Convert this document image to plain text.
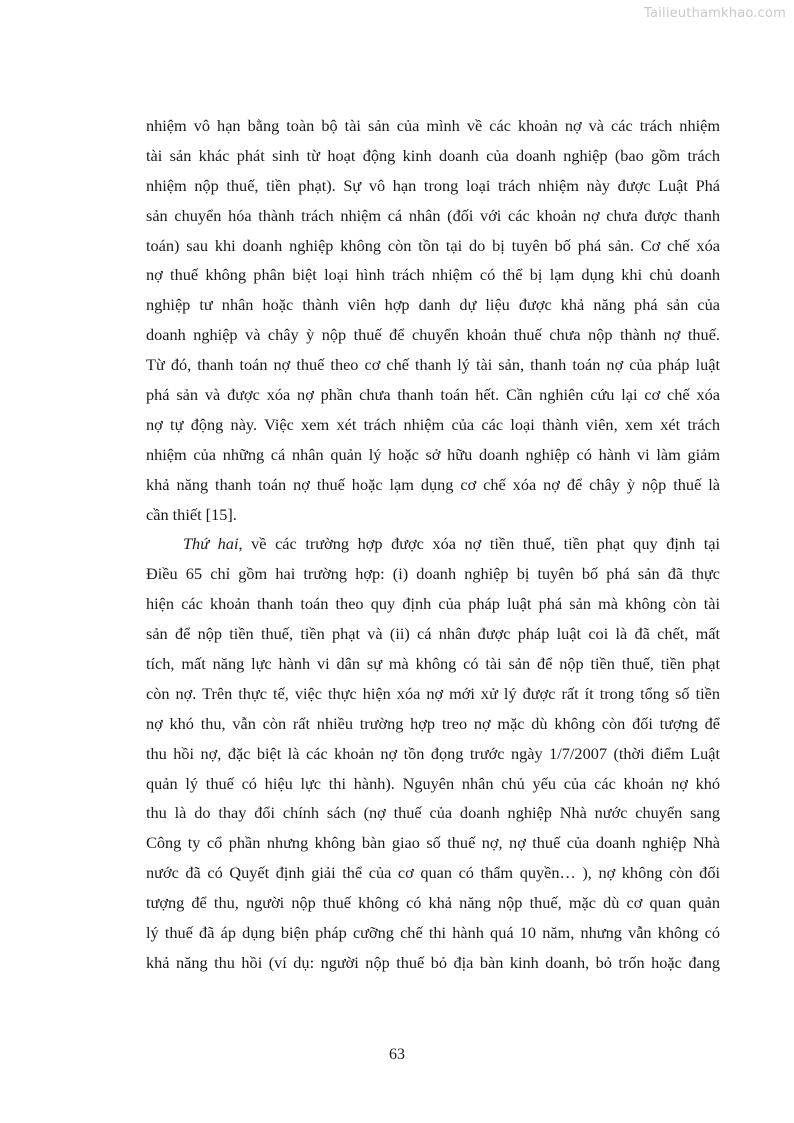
Tailieuthamkhao.com
nhiệm vô hạn bằng toàn bộ tài sản của mình về các khoản nợ và các trách nhiệm
tài sản khác phát sinh từ hoạt động kinh doanh của doanh nghiệp (bao gồm trách
nhiệm nộp thuế, tiền phạt). Sự vô hạn trong loại trách nhiệm này được Luật Phá
sản chuyển hóa thành trách nhiệm cá nhân (đối với các khoản nợ chưa được thanh
toán) sau khi doanh nghiệp không còn tồn tại do bị tuyên bố phá sản. Cơ chế xóa
nợ thuế không phân biệt loại hình trách nhiệm có thể bị lạm dụng khi chủ doanh
nghiệp tư nhân hoặc thành viên hợp danh dự liệu được khả năng phá sản của
doanh nghiệp và chây ỳ nộp thuế để chuyển khoản thuế chưa nộp thành nợ thuế.
Từ đó, thanh toán nợ thuế theo cơ chế thanh lý tài sản, thanh toán nợ của pháp luật
phá sản và được xóa nợ phần chưa thanh toán hết. Cần nghiên cứu lại cơ chế xóa
nợ tự động này. Việc xem xét trách nhiệm của các loại thành viên, xem xét trách
nhiệm của những cá nhân quản lý hoặc sở hữu doanh nghiệp có hành vi làm giảm
khả năng thanh toán nợ thuế hoặc lạm dụng cơ chế xóa nợ để chây ỳ nộp thuế là
cần thiết [15].
Thứ hai, về các trường hợp được xóa nợ tiền thuế, tiền phạt quy định tại
Điều 65 chỉ gồm hai trường hợp: (i) doanh nghiệp bị tuyên bố phá sản đã thực
hiện các khoản thanh toán theo quy định của pháp luật phá sản mà không còn tài
sản để nộp tiền thuế, tiền phạt và (ii) cá nhân được pháp luật coi là đã chết, mất
tích, mất năng lực hành vi dân sự mà không có tài sản để nộp tiền thuế, tiền phạt
còn nợ. Trên thực tế, việc thực hiện xóa nợ mới xử lý được rất ít trong tổng số tiền
nợ khó thu, vẫn còn rất nhiều trường hợp treo nợ mặc dù không còn đối tượng để
thu hồi nợ, đặc biệt là các khoản nợ tồn đọng trước ngày 1/7/2007 (thời điểm Luật
quản lý thuế có hiệu lực thi hành). Nguyên nhân chủ yếu của các khoản nợ khó
thu là do thay đổi chính sách (nợ thuế của doanh nghiệp Nhà nước chuyển sang
Công ty cổ phần nhưng không bàn giao số thuế nợ, nợ thuế của doanh nghiệp Nhà
nước đã có Quyết định giải thể của cơ quan có thẩm quyền… ), nợ không còn đối
tượng để thu, người nộp thuế không có khả năng nộp thuế, mặc dù cơ quan quản
lý thuế đã áp dụng biện pháp cưỡng chế thi hành quá 10 năm, nhưng vẫn không có
khả năng thu hồi (ví dụ: người nộp thuế bỏ địa bàn kinh doanh, bỏ trốn hoặc đang
63
